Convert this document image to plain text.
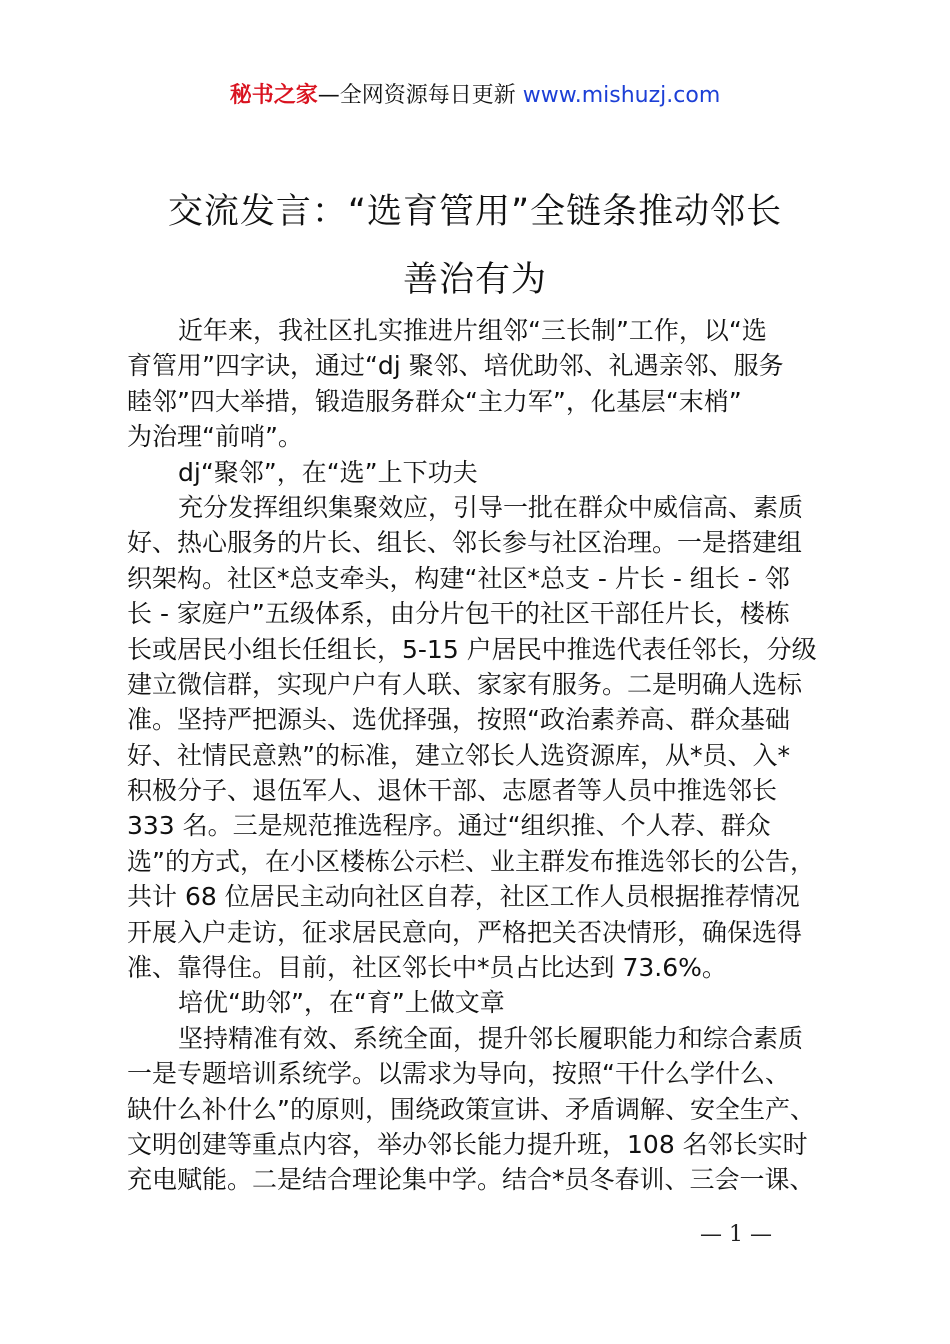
秘书之家—全网资源每日更新 www.mishuzj.com
交流发言：“选育管用”全链条推动邻长
善治有为
近年来，我社区扎实推进片组邻“三长制”工作，以“选
育管用”四字诀，通过“dj 聚邻、培优助邻、礼遇亲邻、服务
睦邻”四大举措，锻造服务群众“主力军”，化基层“末梢”
为治理“前哨”。
dj“聚邻”，在“选”上下功夫
充分发挥组织集聚效应，引导一批在群众中威信高、素质
好、热心服务的片长、组长、邻长参与社区治理。一是搭建组
织架构。社区*总支牵头，构建“社区*总支 - 片长 - 组长 - 邻
长 - 家庭户”五级体系，由分片包干的社区干部任片长，楼栋
长或居民小组长任组长，5-15 户居民中推选代表任邻长，分级
建立微信群，实现户户有人联、家家有服务。二是明确人选标
准。坚持严把源头、选优择强，按照“政治素养高、群众基础
好、社情民意熟”的标准，建立邻长人选资源库，从*员、入*
积极分子、退伍军人、退休干部、志愿者等人员中推选邻长
333 名。三是规范推选程序。通过“组织推、个人荐、群众
选”的方式，在小区楼栋公示栏、业主群发布推选邻长的公告，
共计 68 位居民主动向社区自荐，社区工作人员根据推荐情况
开展入户走访，征求居民意向，严格把关否决情形，确保选得
准、靠得住。目前，社区邻长中*员占比达到 73.6%。
培优“助邻”，在“育”上做文章
坚持精准有效、系统全面，提升邻长履职能力和综合素质
一是专题培训系统学。以需求为导向，按照“干什么学什么、
缺什么补什么”的原则，围绕政策宣讲、矛盾调解、安全生产、
文明创建等重点内容，举办邻长能力提升班，108 名邻长实时
充电赋能。二是结合理论集中学。结合*员冬春训、三会一课、
— 1 —
